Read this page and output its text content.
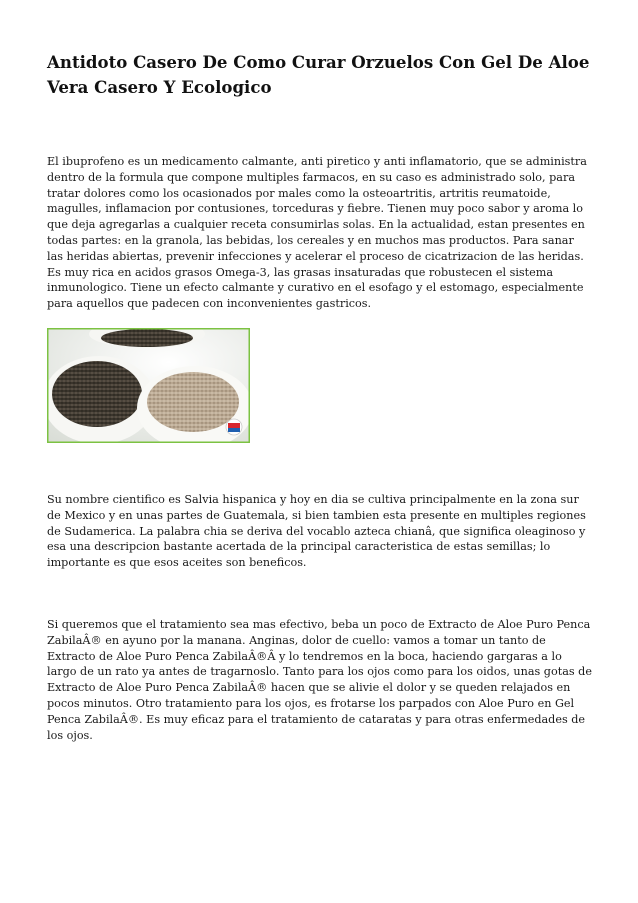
Antidoto Casero De Como Curar Orzuelos Con Gel De Aloe Vera Casero Y Ecologico

El ibuprofeno es un medicamento calmante, anti piretico y anti inflamatorio, que se administra dentro de la formula que compone multiples farmacos, en su caso es administrado solo, para tratar dolores como los ocasionados por males como la osteoartritis, artritis reumatoide, magulles, inflamacion por contusiones, torceduras y fiebre. Tienen muy poco sabor y aroma lo que deja agregarlas a cualquier receta consumirlas solas. En la actualidad, estan presentes en todas partes: en la granola, las bebidas, los cereales y en muchos mas productos. Para sanar las heridas abiertas, prevenir infecciones y acelerar el proceso de cicatrizacion de las heridas. Es muy rica en acidos grasos Omega-3, las grasas insaturadas que robustecen el sistema inmunologico. Tiene un efecto calmante y curativo en el esofago y el estomago, especialmente para aquellos que padecen con inconvenientes gastricos.

Su nombre cientifico es Salvia hispanica y hoy en dia se cultiva principalmente en la zona sur de Mexico y en unas partes de Guatemala, si bien tambien esta presente en multiples regiones de Sudamerica. La palabra chia se deriva del vocablo azteca chianâ, que significa oleaginoso y esa una descripcion bastante acertada de la principal caracteristica de estas semillas; lo importante es que esos aceites son beneficos.

Si queremos que el tratamiento sea mas efectivo, beba un poco de Extracto de Aloe Puro Penca ZabilaÂ® en ayuno por la manana. Anginas, dolor de cuello: vamos a tomar un tanto de Extracto de Aloe Puro Penca ZabilaÂ®Â y lo tendremos en la boca, haciendo gargaras a lo largo de un rato ya antes de tragarnoslo. Tanto para los ojos como para los oidos, unas gotas de Extracto de Aloe Puro Penca ZabilaÂ® hacen que se alivie el dolor y se queden relajados en pocos minutos. Otro tratamiento para los ojos, es frotarse los parpados con Aloe Puro en Gel Penca ZabilaÂ®. Es muy eficaz para el tratamiento de cataratas y para otras enfermedades de los ojos.
